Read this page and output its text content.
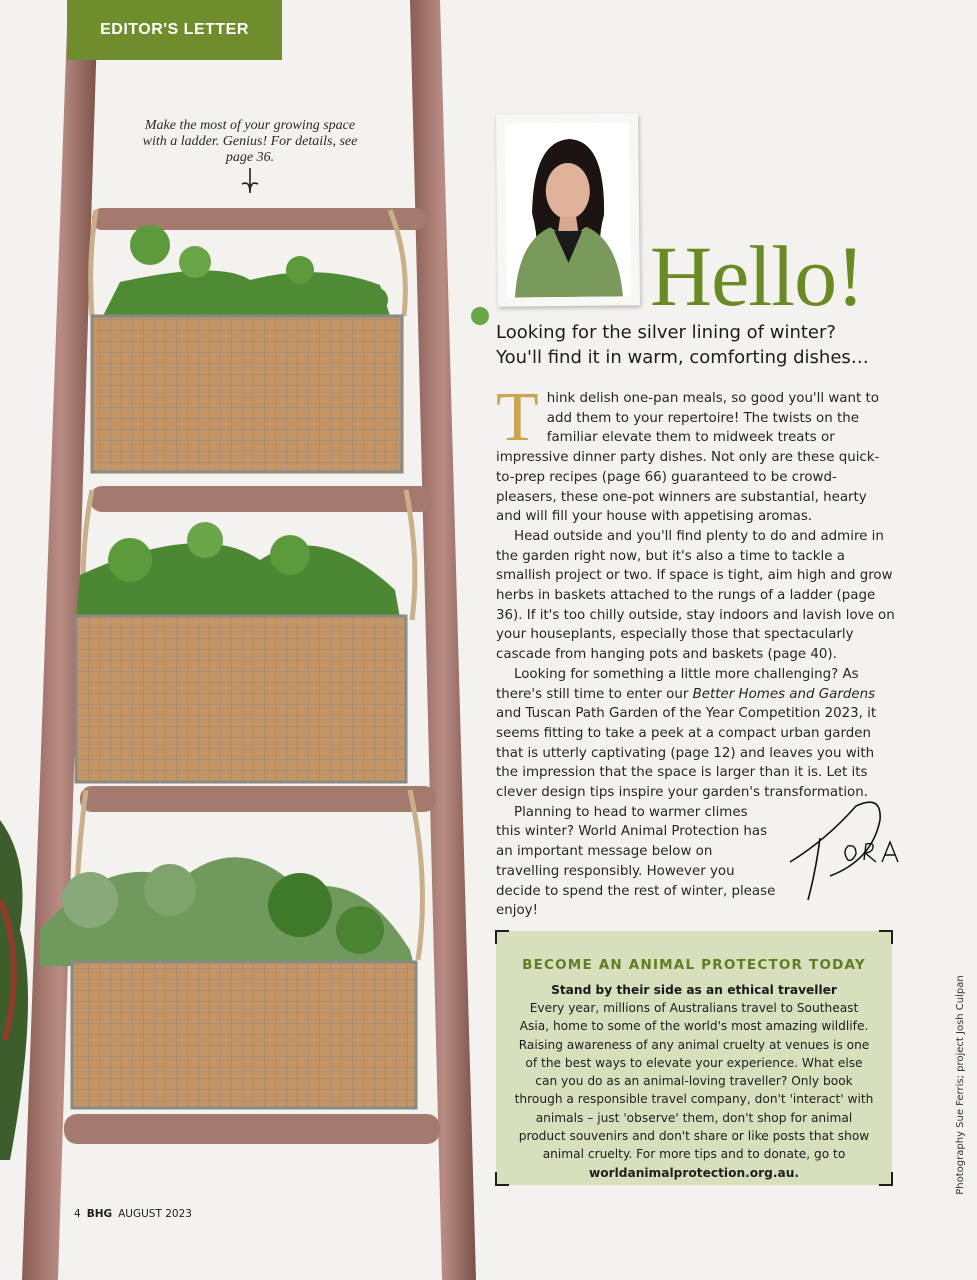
EDITOR'S LETTER
Make the most of your growing space with a ladder. Genius! For details, see page 36.
Hello!
Looking for the silver lining of winter?
You'll find it in warm, comforting dishes…

Think delish one-pan meals, so good you'll want to add them to your repertoire! The twists on the familiar elevate them to midweek treats or impressive dinner party dishes. Not only are these quick-to-prep recipes (page 66) guaranteed to be crowd-pleasers, these one-pot winners are substantial, hearty and will fill your house with appetising aromas.

Head outside and you'll find plenty to do and admire in the garden right now, but it's also a time to tackle a smallish project or two. If space is tight, aim high and grow herbs in baskets attached to the rungs of a ladder (page 36). If it's too chilly outside, stay indoors and lavish love on your houseplants, especially those that spectacularly cascade from hanging pots and baskets (page 40).

Looking for something a little more challenging? As there's still time to enter our Better Homes and Gardens and Tuscan Path Garden of the Year Competition 2023, it seems fitting to take a peek at a compact urban garden that is utterly captivating (page 12) and leaves you with the impression that the space is larger than it is. Let its clever design tips inspire your garden's transformation.

Planning to head to warmer climes this winter? World Animal Protection has an important message below on travelling responsibly. However you decide to spend the rest of winter, please enjoy!

BECOME AN ANIMAL PROTECTOR TODAY
Stand by their side as an ethical traveller

Every year, millions of Australians travel to Southeast Asia, home to some of the world's most amazing wildlife. Raising awareness of any animal cruelty at venues is one of the best ways to elevate your experience. What else can you do as an animal-loving traveller? Only book through a responsible travel company, don't 'interact' with animals – just 'observe' them, don't shop for animal product souvenirs and don't share or like posts that show animal cruelty. For more tips and to donate, go to worldanimalprotection.org.au.	Photography Sue Ferris; project Josh Culpan
4 BHG AUGUST 2023
